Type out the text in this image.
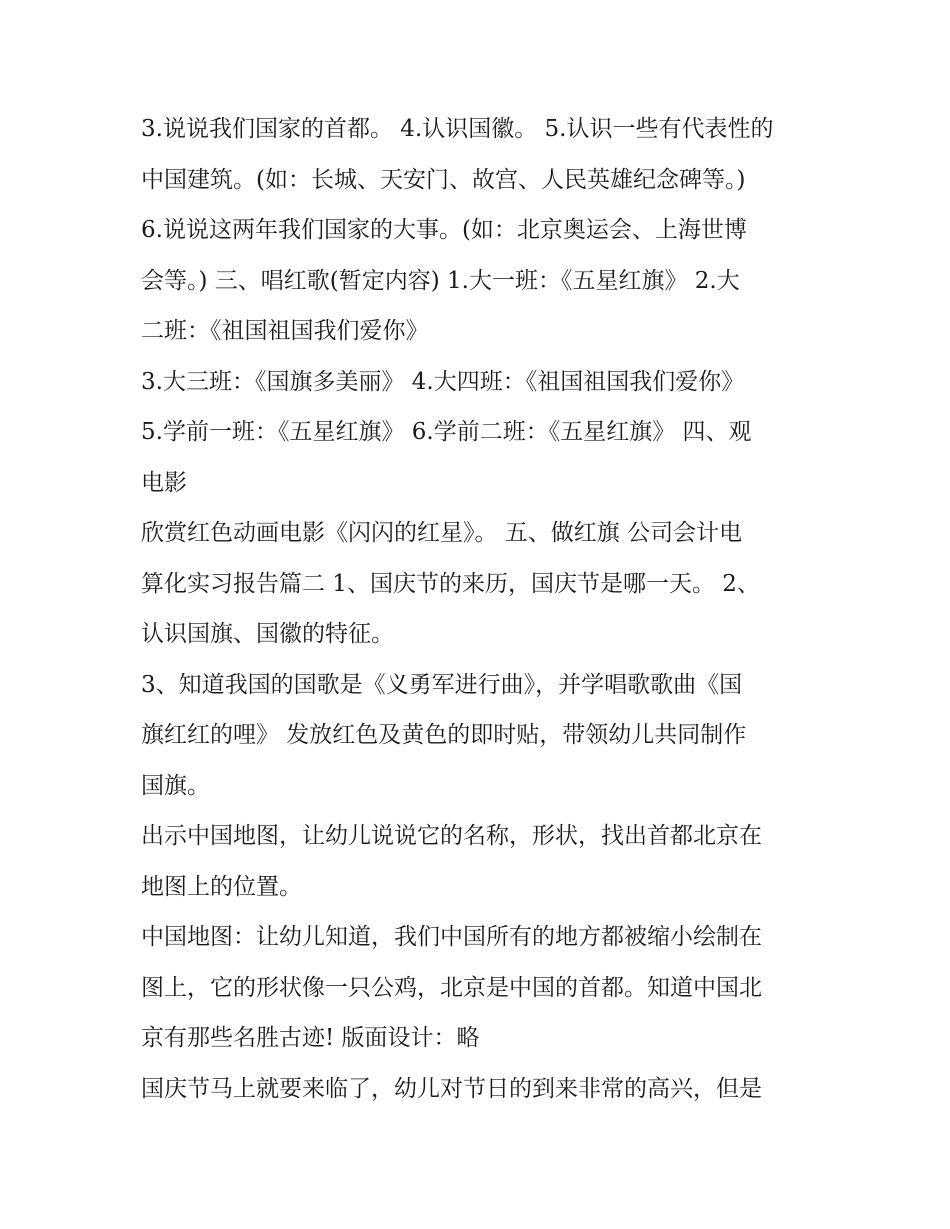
3.说说我们国家的首都。 4.认识国徽。 5.认识一些有代表性的
中国建筑。(如：长城、天安门、故宫、人民英雄纪念碑等。)
6.说说这两年我们国家的大事。(如：北京奥运会、上海世博
会等。) 三、唱红歌(暂定内容) 1.大一班：《五星红旗》 2.大
二班：《祖国祖国我们爱你》
3.大三班：《国旗多美丽》 4.大四班：《祖国祖国我们爱你》
5.学前一班：《五星红旗》 6.学前二班：《五星红旗》 四、观
电影
欣赏红色动画电影《闪闪的红星》。 五、做红旗 公司会计电
算化实习报告篇二 1、国庆节的来历，国庆节是哪一天。 2、
认识国旗、国徽的特征。
3、知道我国的国歌是《义勇军进行曲》，并学唱歌歌曲《国
旗红红的哩》 发放红色及黄色的即时贴，带领幼儿共同制作
国旗。
出示中国地图，让幼儿说说它的名称，形状，找出首都北京在
地图上的位置。
中国地图：让幼儿知道，我们中国所有的地方都被缩小绘制在
图上，它的形状像一只公鸡，北京是中国的首都。知道中国北
京有那些名胜古迹! 版面设计：略
国庆节马上就要来临了，幼儿对节日的到来非常的高兴，但是
